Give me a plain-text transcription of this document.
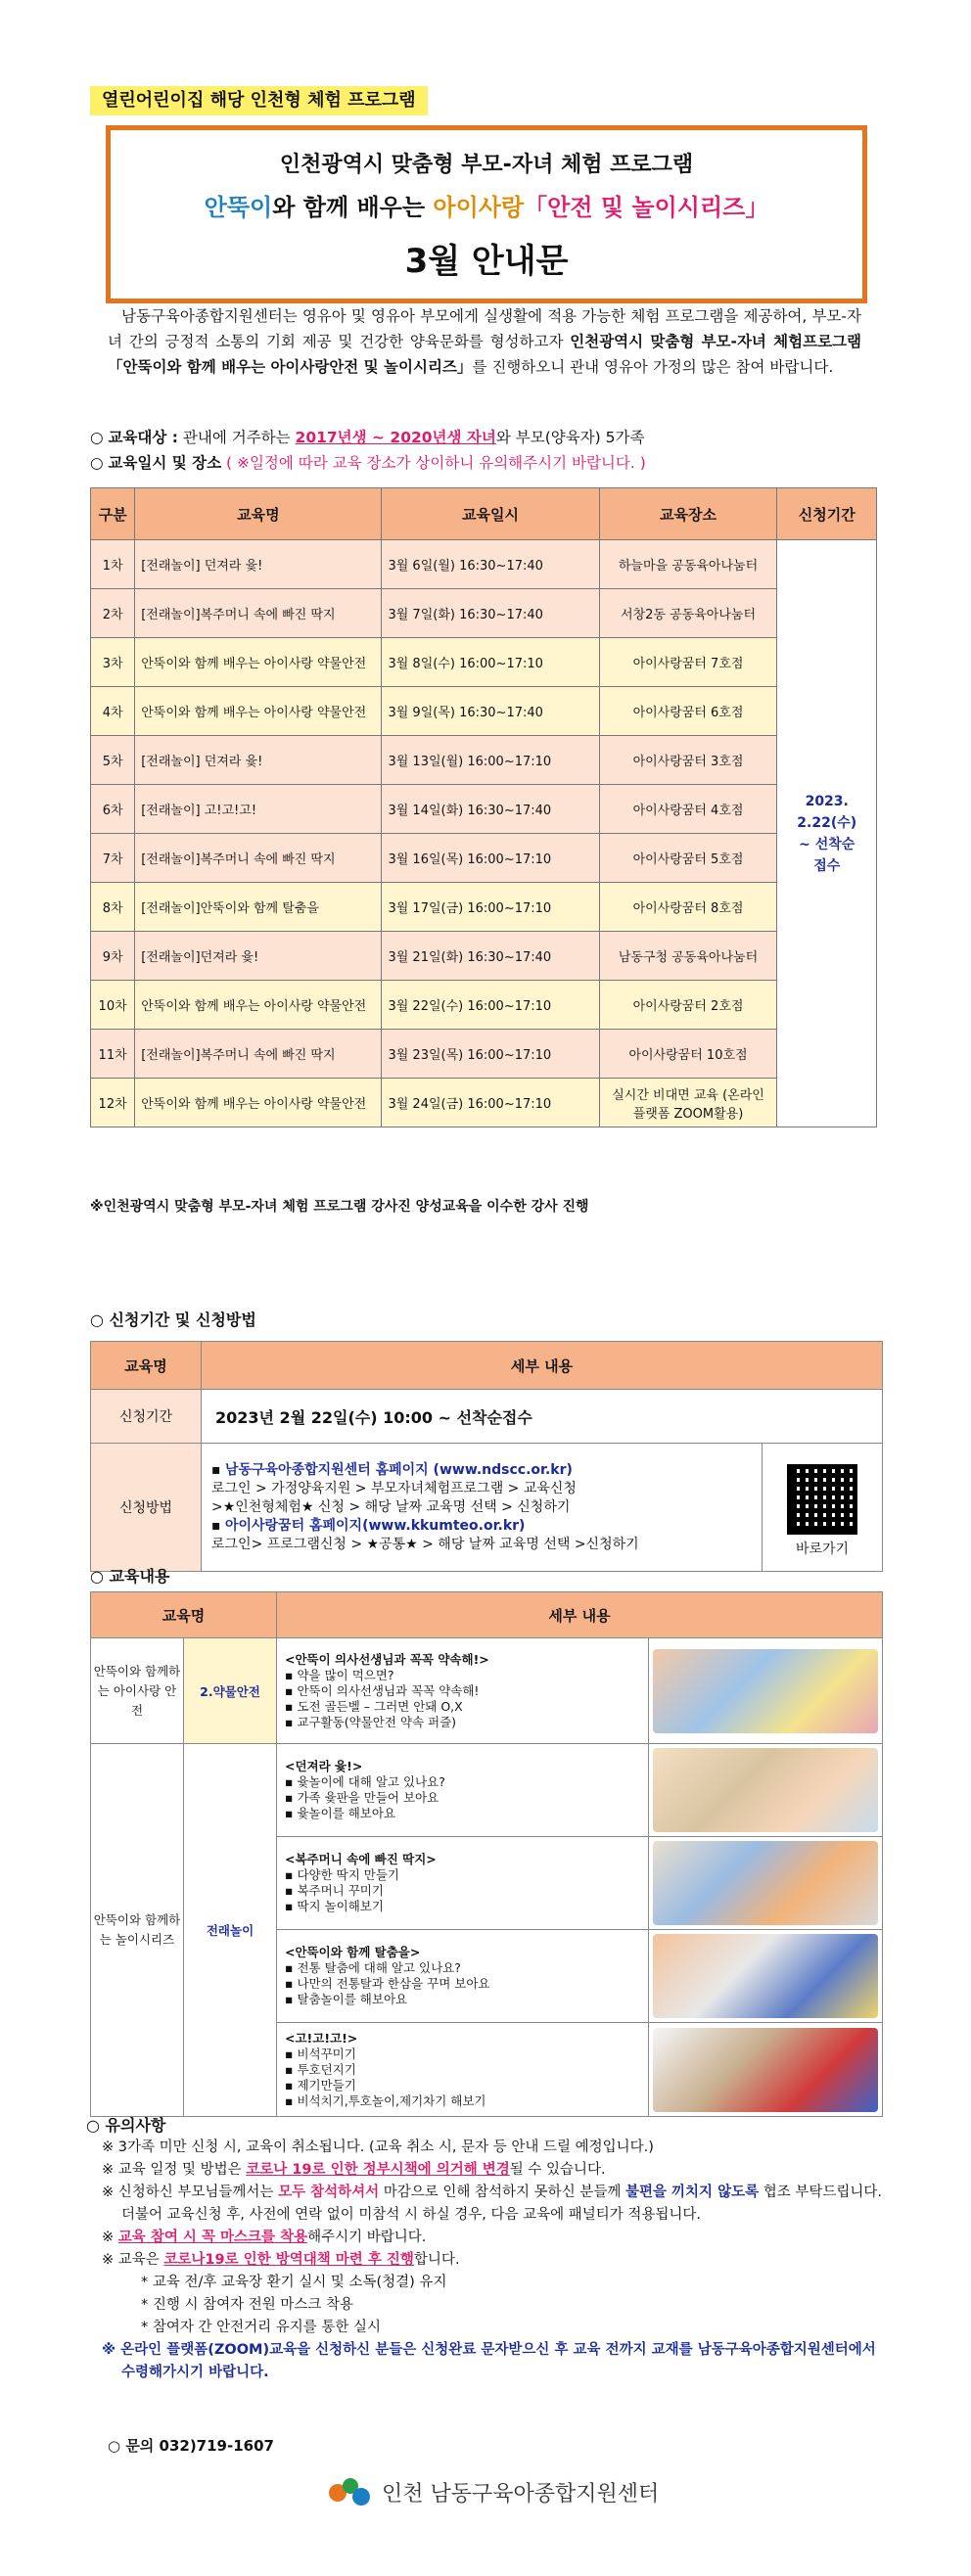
열린어린이집 해당 인천형 체험 프로그램
인천광역시 맞춤형 부모-자녀 체험 프로그램
안뚝이와 함께 배우는 아이사랑「안전 및 놀이시리즈」
3월 안내문
남동구육아종합지원센터는 영유아 및 영유아 부모에게 실생활에 적용 가능한 체험 프로그램을 제공하여, 부모-자녀 간의 긍정적 소통의 기회 제공 및 건강한 양육문화를 형성하고자 인천광역시 맞춤형 부모-자녀 체험프로그램「안뚝이와 함께 배우는 아이사랑안전 및 놀이시리즈」를 진행하오니 관내 영유아 가정의 많은 참여 바랍니다.
○ 교육대상 : 관내에 거주하는 2017년생 ~ 2020년생 자녀와 부모(양육자) 5가족
○ 교육일시 및 장소 ( ※일정에 따라 교육 장소가 상이하니 유의해주시기 바랍니다. )
구분	교육명	교육일시	교육장소	신청기간
1차	[전래놀이] 던져라 윷!	3월 6일(월) 16:30~17:40	하늘마을 공동육아나눔터	2023.
2.22(수)
~ 선착순
접수

2차	[전래놀이]복주머니 속에 빠진 딱지	3월 7일(화) 16:30~17:40	서창2동 공동육아나눔터	
3차	안뚝이와 함께 배우는 아이사랑 약물안전	3월 8일(수) 16:00~17:10	아이사랑꿈터 7호점	
4차	안뚝이와 함께 배우는 아이사랑 약물안전	3월 9일(목) 16:30~17:40	아이사랑꿈터 6호점	
5차	[전래놀이] 던져라 윷!	3월 13일(월) 16:00~17:10	아이사랑꿈터 3호점	
6차	[전래놀이] 고!고!고!	3월 14일(화) 16:30~17:40	아이사랑꿈터 4호점	
7차	[전래놀이]복주머니 속에 빠진 딱지	3월 16일(목) 16:00~17:10	아이사랑꿈터 5호점	
8차	[전래놀이]안뚝이와 함께 탈춤을	3월 17일(금) 16:00~17:10	아이사랑꿈터 8호점	
9차	[전래놀이]던져라 윷!	3월 21일(화) 16:30~17:40	남동구청 공동육아나눔터	
10차	안뚝이와 함께 배우는 아이사랑 약물안전	3월 22일(수) 16:00~17:10	아이사랑꿈터 2호점	
11차	[전래놀이]복주머니 속에 빠진 딱지	3월 23일(목) 16:00~17:10	아이사랑꿈터 10호점	
12차	안뚝이와 함께 배우는 아이사랑 약물안전	3월 24일(금) 16:00~17:10	실시간 비대면 교육 (온라인 플랫폼 ZOOM활용)	
※인천광역시 맞춤형 부모-자녀 체험 프로그램 강사진 양성교육을 이수한 강사 진행
○ 신청기간 및 신청방법
교육명	세부 내용	
신청기간	2023년 2월 22일(수) 10:00 ~ 선착순접수	
신청방법	▪ 남동구육아종합지원센터 홈페이지 (www.ndscc.or.kr)
로그인 > 가정양육지원 > 부모자녀체험프로그램 > 교육신청
>★인천형체험★ 신청 > 해당 날짜 교육명 선택 > 신청하기
▪ 아이사랑꿈터 홈페이지(www.kkumteo.or.kr)
로그인> 프로그램신청 > ★공통★ > 해당 날짜 교육명 선택 >신청하기	바로가기
○ 교육내용
교육명		세부 내용	
안뚝이와 함께하는 아이사랑 안전	2.약물안전	<안뚝이 의사선생님과 꼭꼭 약속해!>
▪ 약을 많이 먹으면?
▪ 안뚝이 의사선생님과 꼭꼭 약속해!
▪ 도전 골든벨 – 그러면 안돼 O,X
▪ 교구활동(약물안전 약속 퍼즐)	

안뚝이와 함께하는 놀이시리즈	전래놀이	<던져라 윷!>
▪ 윷놀이에 대해 알고 있나요?
▪ 가족 윷판을 만들어 보아요
▪ 윷놀이를 해보아요	

		<복주머니 속에 빠진 딱지>
▪ 다양한 딱지 만들기
▪ 복주머니 꾸미기
▪ 딱지 놀이해보기	

		<안뚝이와 함께 탈춤을>
▪ 전통 탈춤에 대해 알고 있나요?
▪ 나만의 전통탈과 한삼을 꾸며 보아요
▪ 탈춤놀이를 해보아요	

		<고!고!고!>
▪ 비석꾸미기
▪ 투호던지기
▪ 제기만들기
▪ 비석치기,투호놀이,제기차기 해보기	

○ 유의사항
※ 3가족 미만 신청 시, 교육이 취소됩니다. (교육 취소 시, 문자 등 안내 드릴 예정입니다.)
※ 교육 일정 및 방법은 코로나 19로 인한 정부시책에 의거해 변경될 수 있습니다.
※ 신청하신 부모님들께서는 모두 참석하셔서 마감으로 인해 참석하지 못하신 분들께 불편을 끼치지 않도록 협조 부탁드립니다. 더불어 교육신청 후, 사전에 연락 없이 미참석 시 하실 경우, 다음 교육에 패널티가 적용됩니다.
※ 교육 참여 시 꼭 마스크를 착용해주시기 바랍니다.
※ 교육은 코로나19로 인한 방역대책 마련 후 진행합니다.
* 교육 전/후 교육장 환기 실시 및 소독(청결) 유지
* 진행 시 참여자 전원 마스크 착용
* 참여자 간 안전거리 유지를 통한 실시
※ 온라인 플랫폼(ZOOM)교육을 신청하신 분들은 신청완료 문자받으신 후 교육 전까지 교재를 남동구육아종합지원센터에서 수령해가시기 바랍니다.
○ 문의 032)719-1607
인천 남동구육아종합지원센터
